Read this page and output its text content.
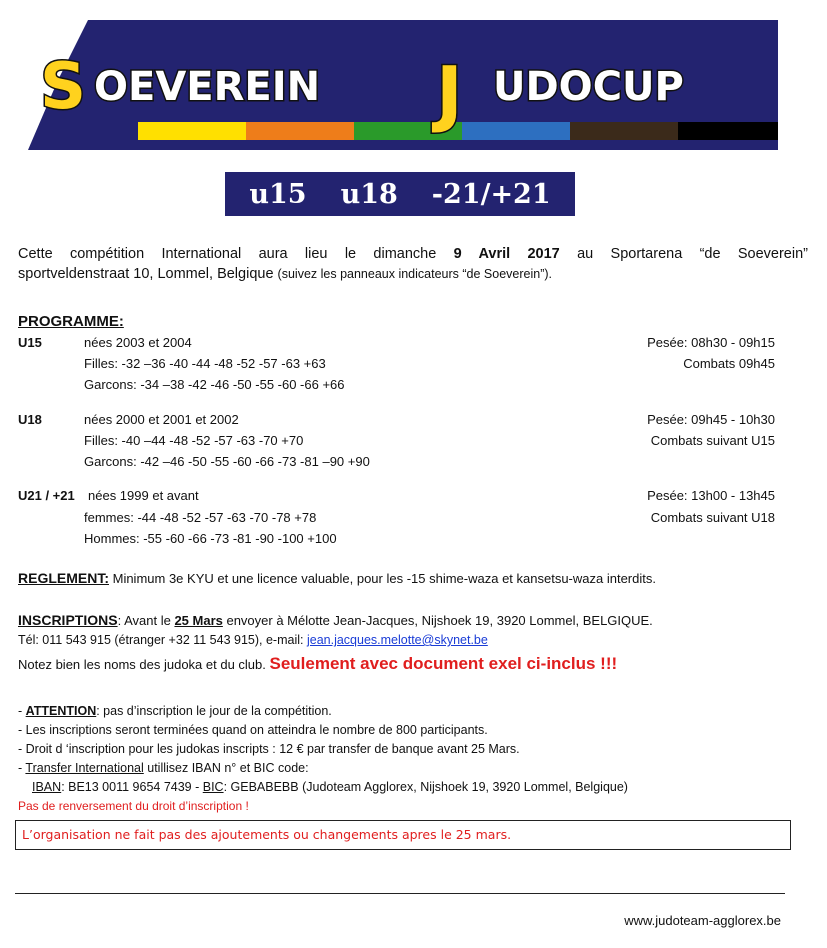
S OEVEREIN J UDOCUP
u15 u18 -21/+21
Cette compétition International aura lieu le dimanche 9 Avril 2017 au Sportarena “de Soeverein”
sportveldenstraat 10, Lommel, Belgique (suivez les panneaux indicateurs “de Soeverein”).
PROGRAMME:
U15	nées 2003 et 2004
Filles: -32 –36 -40 -44 -48 -52 -57 -63 +63
Garcons: -34 –38 -42 -46 -50 -55 -60 -66 +66
Pesée: 08h30 - 09h15
Combats 09h45
U18	nées 2000 et 2001 et 2002
Filles: -40 –44 -48 -52 -57 -63 -70 +70
Garcons: -42 –46 -50 -55 -60 -66 -73 -81 –90 +90
Pesée: 09h45 - 10h30
Combats suivant U15
U21 / +21 nées 1999 et avant
femmes: -44 -48 -52 -57 -63 -70 -78 +78
Hommes: -55 -60 -66 -73 -81 -90 -100 +100
Pesée: 13h00 - 13h45
Combats suivant U18
REGLEMENT: Minimum 3e KYU et une licence valuable, pour les -15 shime-waza et kansetsu-waza interdits.
INSCRIPTIONS: Avant le 25 Mars envoyer à Mélotte Jean-Jacques, Nijshoek 19, 3920 Lommel, BELGIQUE.
Tél: 011 543 915 (étranger +32 11 543 915), e-mail: jean.jacques.melotte@skynet.be
Notez bien les noms des judoka et du club. Seulement avec document exel ci-inclus !!!
- ATTENTION: pas d’inscription le jour de la compétition.
- Les inscriptions seront terminées quand on atteindra le nombre de 800 participants.
- Droit d ‘inscription pour les judokas inscripts : 12 € par transfer de banque avant 25 Mars.
- Transfer International utillisez IBAN n° et BIC code:
IBAN: BE13 0011 9654 7439 - BIC: GEBABEBB (Judoteam Agglorex, Nijshoek 19, 3920 Lommel, Belgique)
Pas de renversement du droit d’inscription !
L’organisation ne fait pas des ajoutements ou changements apres le 25 mars.
www.judoteam-agglorex.be
